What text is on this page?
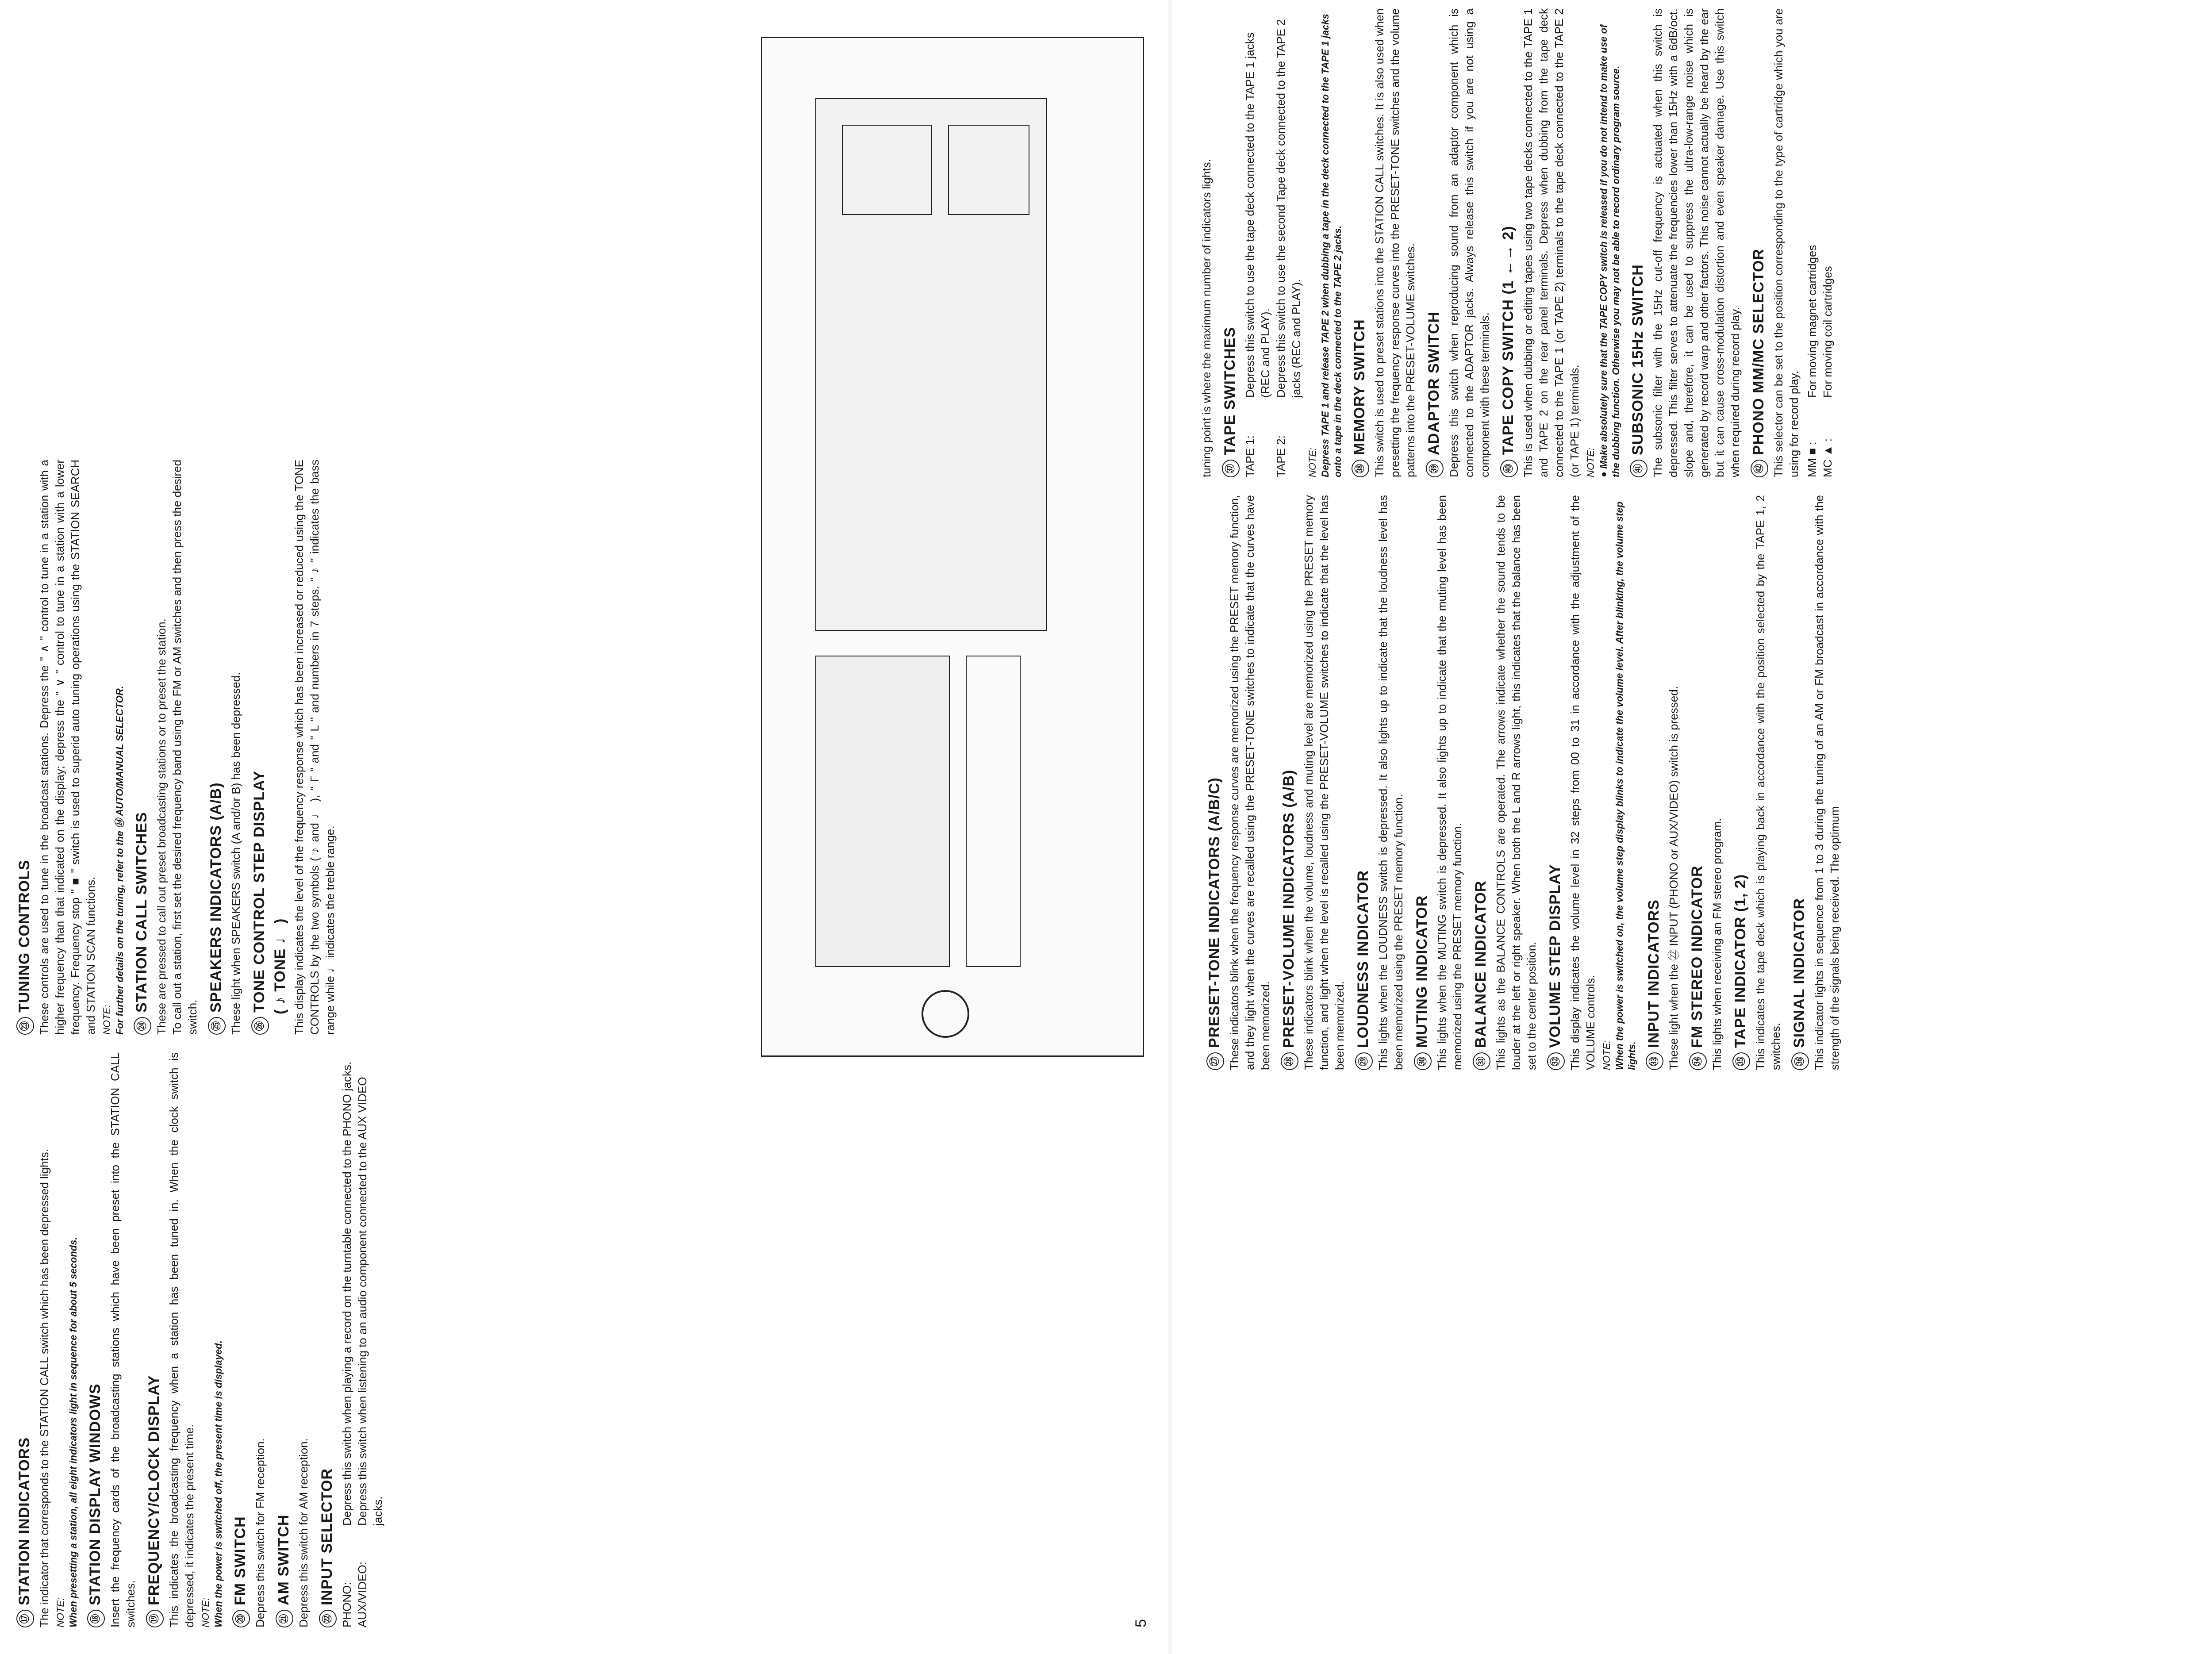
⑰STATION INDICATORS The indicator that corresponds to the STATION CALL switch which has been depressed lights. NOTE: When presetting a station, all eight indicators light in sequence for about 5 seconds.	⑱STATION DISPLAY WINDOWS Insert the frequency cards of the broadcasting stations which have been preset into the STATION CALL switches.	⑲FREQUENCY/CLOCK DISPLAY This indicates the broadcasting frequency when a station has been tuned in. When the clock switch is depressed, it indicates the present time. NOTE: When the power is switched off, the present time is displayed.	⑳FM SWITCH Depress this switch for FM reception.	㉑AM SWITCH Depress this switch for AM reception.	㉒INPUT SELECTOR PHONO:
Depress this switch when playing a record on the turntable connected to the PHONO jacks.
AUX/VIDEO:
Depress this switch when listening to an audio component connected to the AUX VIDEO jacks.
㉓TUNING CONTROLS These controls are used to tune in the broadcast stations. Depress the " ∧ " control to tune in a station with a higher frequency than that indicated on the display; depress the " ∨ " control to tune in a station with a lower frequency. Frequency stop " ■ " switch is used to superid auto tuning operations using the STATION SEARCH and STATION SCAN functions. NOTE: For further details on the tuning, refer to the ⑭ AUTO/MANUAL SELECTOR.	㉔STATION CALL SWITCHES

These are pressed to call out preset broadcasting stations or to preset the station.
To call out a station, first set the desired frequency band using the FM or AM switches and then press the desired switch.	㉕SPEAKERS INDICATORS (A/B) These light when SPEAKERS switch (A and/or B) has been depressed.	㉖TONE CONTROL STEP DISPLAY ( ♪ TONE ♩ ) This display indicates the level of the frequency response which has been increased or reduced using the TONE CONTROLS by the two symbols ( ♪ and ♩ ), " Г " and " L " and numbers in 7 steps. " ♪ " indicates the bass range while ♩ indicates the treble range.

5
㉗PRESET-TONE INDICATORS (A/B/C) These indicators blink when the frequency response curves are memorized using the PRESET memory function, and they light when the curves are recalled using the PRESET-TONE switches to indicate that the curves have been memorized.	㉘PRESET-VOLUME INDICATORS (A/B) These indicators blink when the volume, loudness and muting level are memorized using the PRESET memory function, and light when the level is recalled using the PRESET-VOLUME switches to indicate that the level has been memorized.	㉙LOUDNESS INDICATOR This lights when the LOUDNESS switch is depressed. It also lights up to indicate that the loudness level has been memorized using the PRESET memory function.	㉚MUTING INDICATOR This lights when the MUTING switch is depressed. It also lights up to indicate that the muting level has been memorized using the PRESET memory function.	㉛BALANCE INDICATOR This lights as the BALANCE CONTROLS are operated. The arrows indicate whether the sound tends to be louder at the left or right speaker. When both the L and R arrows light, this indicates that the balance has been set to the center position.	㉜VOLUME STEP DISPLAY This display indicates the volume level in 32 steps from 00 to 31 in accordance with the adjustment of the VOLUME controls. NOTE: When the power is switched on, the volume step display blinks to indicate the volume level. After blinking, the volume step lights.	㉝INPUT INDICATORS These light when the ㉒ INPUT (PHONO or AUX/VIDEO) switch is pressed.	㉞FM STEREO INDICATOR This lights when receiving an FM stereo program.	㉟TAPE INDICATOR (1, 2) This indicates the tape deck which is playing back in accordance with the position selected by the TAPE 1, 2 switches.	㊱SIGNAL INDICATOR This indicator lights in sequence from 1 to 3 during the tuning of an AM or FM broadcast in accordance with the strength of the signals being received. The optimum

tuning point is where the maximum number of indicators lights.	㊲TAPE SWITCHES
TAPE 1:
Depress this switch to use the tape deck connected to the TAPE 1 jacks (REC and PLAY).
TAPE 2:
Depress this switch to use the second Tape deck connected to the TAPE 2 jacks (REC and PLAY).
NOTE: Depress TAPE 1 and release TAPE 2 when dubbing a tape in the deck connected to the TAPE 1 jacks onto a tape in the deck connected to the TAPE 2 jacks.	㊳MEMORY SWITCH This switch is used to preset stations into the STATION CALL switches. It is also used when presetting the frequency response curves into the PRESET-TONE switches and the volume patterns into the PRESET-VOLUME switches.	㊴ADAPTOR SWITCH Depress this switch when reproducing sound from an adaptor component which is connected to the ADAPTOR jacks. Always release this switch if you are not using a component with these terminals.	㊵TAPE COPY SWITCH (1 ←→ 2) This is used when dubbing or editing tapes using two tape decks connected to the TAPE 1 and TAPE 2 on the rear panel terminals. Depress when dubbing from the tape deck connected to the TAPE 1 (or TAPE 2) terminals to the tape deck connected to the TAPE 2 (or TAPE 1) terminals. NOTE: ● Make absolutely sure that the TAPE COPY switch is released if you do not intend to make use of the dubbing function. Otherwise you may not be able to record ordinary program source.	㊶SUBSONIC 15Hz SWITCH The subsonic filter with the 15Hz cut-off frequency is actuated when this switch is depressed. This filter serves to attenuate the frequencies lower than 15Hz with a 6dB/oct. slope and, therefore, it can be used to suppress the ultra-low-range noise which is generated by record warp and other factors. This noise cannot actually be heard by the ear but it can cause cross-modulation distortion and even speaker damage. Use this switch when required during record play.	㊷PHONO MM/MC SELECTOR This selector can be set to the position corresponding to the type of cartridge which you are using for record play. MM ■ :
For moving magnet cartridges
MC ▲ :
For moving coil cartridges
